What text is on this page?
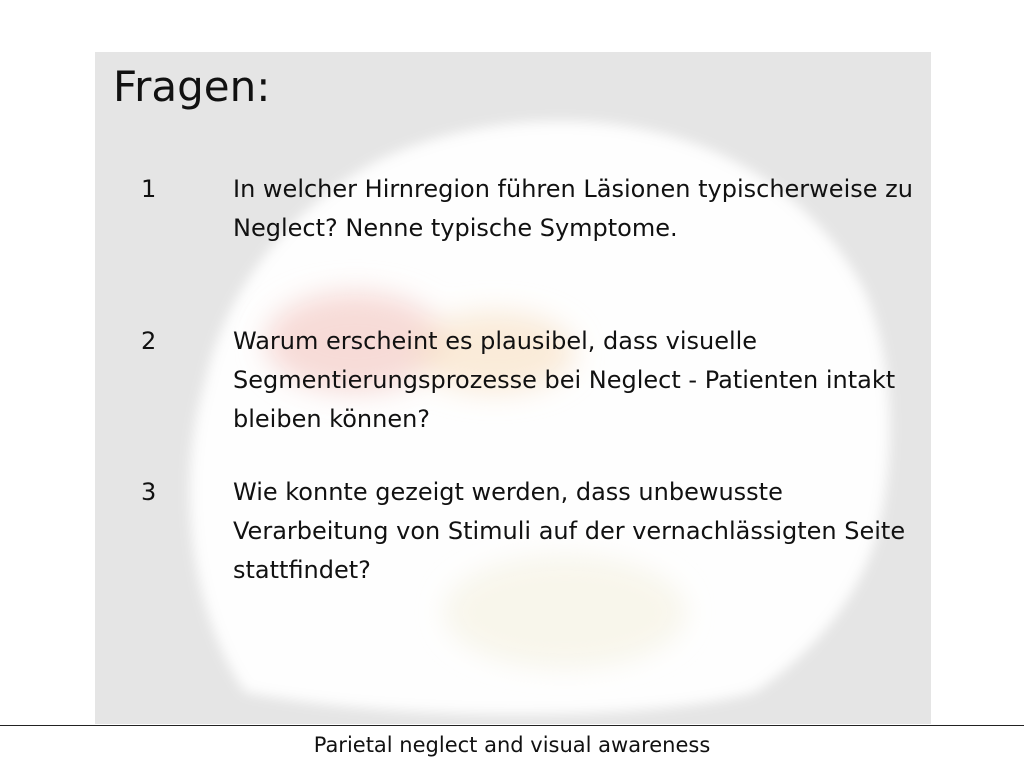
Fragen:
1	In welcher Hirnregion führen Läsionen typischerweise zu Neglect? Nenne typische Symptome.
2	Warum erscheint es plausibel, dass visuelle Segmentierungsprozesse bei Neglect - Patienten intakt bleiben können?
3	Wie konnte gezeigt werden, dass unbewusste Verarbeitung von Stimuli auf der vernachlässigten Seite stattfindet?
Parietal neglect and visual awareness
